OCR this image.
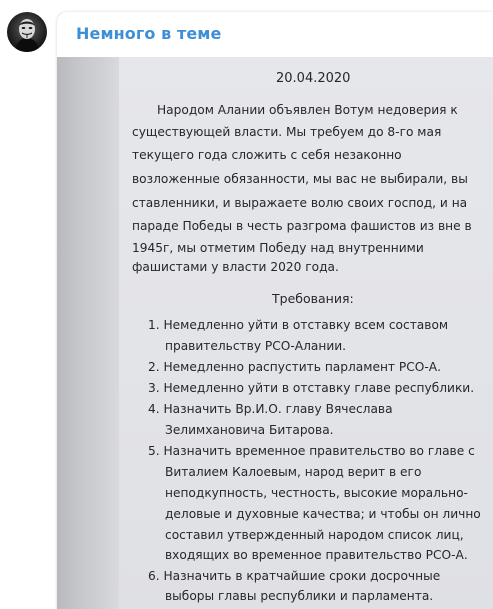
Немного в теме
20.04.2020
Народом Алании объявлен Вотум недоверия к
существующей власти. Мы требуем до 8-го мая
текущего года сложить с себя незаконно
возложенные обязанности, мы вас не выбирали, вы
ставленники, и выражаете волю своих господ, и на
параде Победы в честь разгрома фашистов из вне в
1945г, мы отметим Победу над внутренними
фашистами у власти 2020 года.
Требования:
1. Немедленно уйти в отставку всем составом
правительству РСО-Алании.
2. Немедленно распустить парламент РСО-А.
3. Немедленно уйти в отставку главе республики.
4. Назначить Вр.И.О. главу Вячеслава
Зелимхановича Битарова.
5. Назначить временное правительство во главе с
Виталием Калоевым, народ верит в его
неподкупность, честность, высокие морально-
деловые и духовные качества; и чтобы он лично
составил утвержденный народом список лиц,
входящих во временное правительство РСО-А.
6. Назначить в кратчайшие сроки досрочные
выборы главы республики и парламента.
